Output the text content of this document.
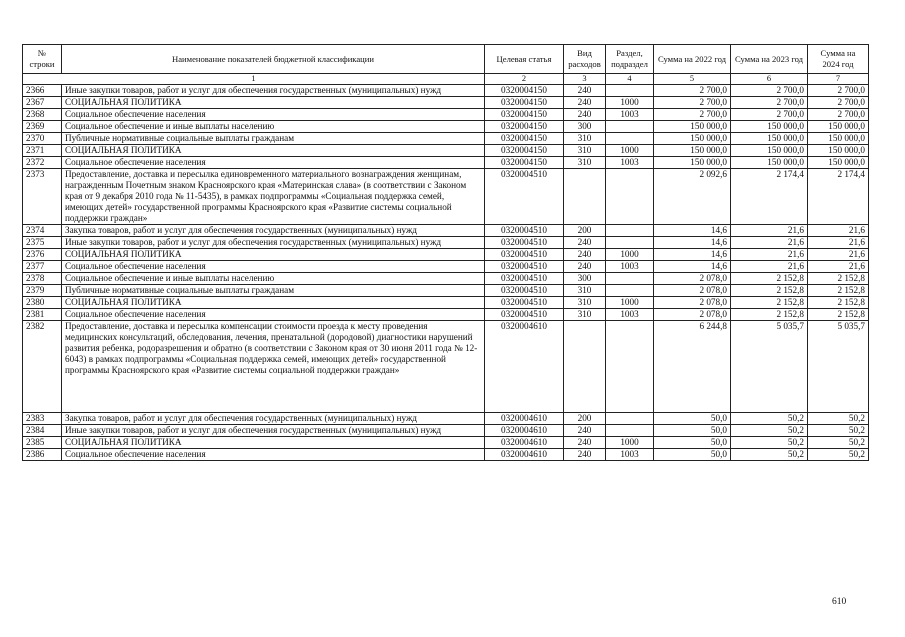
№ строки	Наименование показателей бюджетной классификации	Целевая статья	Вид расходов	Раздел, подраздел	Сумма на 2022 год	Сумма на 2023 год	Сумма на 2024 год
1		2	3	4	5	6	7
2366	Иные закупки товаров, работ и услуг для обеспечения государственных (муниципальных) нужд	0320004150	240		2 700,0	2 700,0	2 700,0
2367	СОЦИАЛЬНАЯ ПОЛИТИКА	0320004150	240	1000	2 700,0	2 700,0	2 700,0
2368	Социальное обеспечение населения	0320004150	240	1003	2 700,0	2 700,0	2 700,0
2369	Социальное обеспечение и иные выплаты населению	0320004150	300		150 000,0	150 000,0	150 000,0
2370	Публичные нормативные социальные выплаты гражданам	0320004150	310		150 000,0	150 000,0	150 000,0
2371	СОЦИАЛЬНАЯ ПОЛИТИКА	0320004150	310	1000	150 000,0	150 000,0	150 000,0
2372	Социальное обеспечение населения	0320004150	310	1003	150 000,0	150 000,0	150 000,0
2373	Предоставление, доставка и пересылка единовременного материального вознаграждения женщинам, награжденным Почетным знаком Красноярского края «Материнская слава» (в соответствии с Законом края от 9 декабря 2010 года № 11-5435), в рамках подпрограммы «Социальная поддержка семей, имеющих детей» государственной программы Красноярского края «Развитие системы социальной поддержки граждан»	0320004510			2 092,6	2 174,4	2 174,4
2374	Закупка товаров, работ и услуг для обеспечения государственных (муниципальных) нужд	0320004510	200		14,6	21,6	21,6
2375	Иные закупки товаров, работ и услуг для обеспечения государственных (муниципальных) нужд	0320004510	240		14,6	21,6	21,6
2376	СОЦИАЛЬНАЯ ПОЛИТИКА	0320004510	240	1000	14,6	21,6	21,6
2377	Социальное обеспечение населения	0320004510	240	1003	14,6	21,6	21,6
2378	Социальное обеспечение и иные выплаты населению	0320004510	300		2 078,0	2 152,8	2 152,8
2379	Публичные нормативные социальные выплаты гражданам	0320004510	310		2 078,0	2 152,8	2 152,8
2380	СОЦИАЛЬНАЯ ПОЛИТИКА	0320004510	310	1000	2 078,0	2 152,8	2 152,8
2381	Социальное обеспечение населения	0320004510	310	1003	2 078,0	2 152,8	2 152,8
2382	Предоставление, доставка и пересылка компенсации стоимости проезда к месту проведения медицинских консультаций, обследования, лечения, пренатальной (дородовой) диагностики нарушений развития ребенка, родоразрешения и обратно (в соответствии с Законом края от 30 июня 2011 года № 12-6043) в рамках подпрограммы «Социальная поддержка семей, имеющих детей» государственной программы Красноярского края «Развитие системы социальной поддержки граждан»	0320004610			6 244,8	5 035,7	5 035,7
2383	Закупка товаров, работ и услуг для обеспечения государственных (муниципальных) нужд	0320004610	200		50,0	50,2	50,2
2384	Иные закупки товаров, работ и услуг для обеспечения государственных (муниципальных) нужд	0320004610	240		50,0	50,2	50,2
2385	СОЦИАЛЬНАЯ ПОЛИТИКА	0320004610	240	1000	50,0	50,2	50,2
2386	Социальное обеспечение населения	0320004610	240	1003	50,0	50,2	50,2
610
